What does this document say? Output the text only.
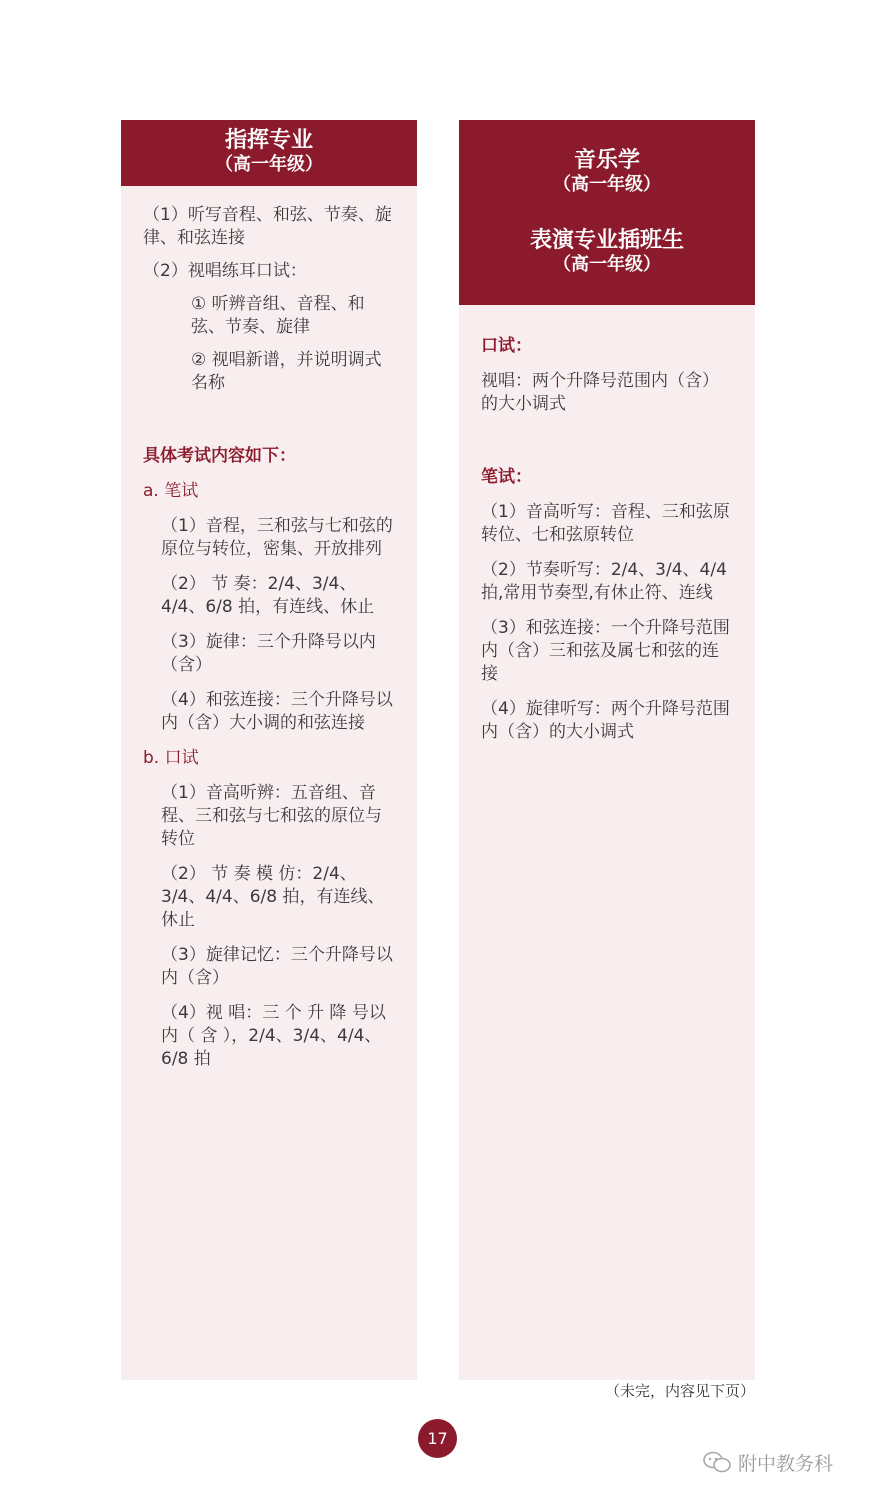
指挥专业
（高一年级）

（1）听写音程、和弦、节奏、旋律、和弦连接

（2）视唱练耳口试：

① 听辨音组、音程、和弦、节奏、旋律

② 视唱新谱，并说明调式名称

具体考试内容如下：

a. 笔试

（1）音程，三和弦与七和弦的原位与转位，密集、开放排列

（2） 节 奏：2/4、3/4、4/4、6/8 拍，有连线、休止

（3）旋律：三个升降号以内（含）

（4）和弦连接：三个升降号以内（含）大小调的和弦连接

b. 口试

（1）音高听辨：五音组、音程、三和弦与七和弦的原位与转位

（2） 节 奏 模 仿：2/4、3/4、4/4、6/8 拍，有连线、休止

（3）旋律记忆：三个升降号以内（含）

（4）视 唱：三 个 升 降 号以 内（ 含 ），2/4、3/4、4/4、6/8 拍

音乐学
（高一年级）
表演专业插班生
（高一年级）

口试：

视唱：两个升降号范围内（含）的大小调式

笔试：

（1）音高听写：音程、三和弦原转位、七和弦原转位

（2）节奏听写：2/4、3/4、4/4拍,常用节奏型,有休止符、连线

（3）和弦连接：一个升降号范围内（含）三和弦及属七和弦的连接

（4）旋律听写：两个升降号范围内（含）的大小调式

（未完，内容见下页）
17
附中教务科
